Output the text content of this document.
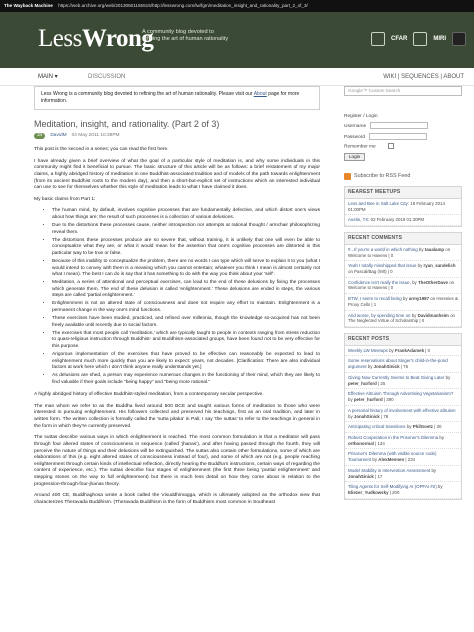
The Wayback Machine https://web.archive.org/web/20130501155515/http://lesswrong.com/lw/fgm/meditation_insight_and_rationality_part_2_of_3/
LessWrong
A community blog devoted to
refining the art of human rationality	CFAR	MIRI
MAIN ▾	DISCUSSION	WIKI | SEQUENCES | ABOUT
Less Wrong is a community blog devoted to refining the art of human rationality. Please visit our About page for more information.
Meditation, insight, and rationality. (Part 2 of 3)
34	DavidM 04 May 2011 10:38PM

This post is the second in a series; you can read the first here.

I have already given a brief overview of what the goal of a particular style of meditation is, and why some individuals in this community might find it beneficial to pursue. The basic structure of this article will be as follows: a brief restatement of my major claims, a highly abridged history of meditation in one Buddhist-associated tradition and of models of the path towards enlightenment (from its ancient Buddhist roots to the modern day), and then a short-but-explicit set of instructions which an interested individual can use to see for themselves whether this style of meditation leads to what I have claimed it does.

My basic claims from Part 1:

• The human mind, by default, involves cognitive processes that are fundamentally defective, and which distort one's views about how things are; the result of such processes is a collection of various delusions.
• Due to the distortions these processes cause, neither introspection nor attempts at rational thought / armchair philosophizing reveal them.
• The distortions these processes produce are so severe that, without training, it is unlikely that one will even be able to conceptualize what they are, or what it would mean for the assertion that one's cognitive processes are distorted in this particular way to be true or false.
• Because of this inability to conceptualize the problem, there are no words I can type which will serve to explain it to you (what I would intend to convey with them is a meaning which you cannot entertain; whatever you think I mean is almost certainly not what I mean). The best I can do is say that it has something to do with the way you think about your 'self'.
• Meditation, a series of attentional and perceptual exercises, can lead to the end of these delusions by fixing the processes which generate them. The end of these delusion is called 'enlightenment.' These delusions are ended in steps, the various steps are called 'partial enlightenment.'
• Enlightenment is not an altered state of consciousness and does not require any effort to maintain. Enlightenment is a permanent change in the way one's mind functions.
• These exercises have been studied, practiced, and refined over millennia, though the knowledge so-acquired has not been freely available until recently due to social factors.
• The exercises that most people call 'meditation,' which are typically taught to people in contexts ranging from stress reduction to quasi-religious instruction through Buddhist- and Buddhism-associated groups, have been found not to be very effective for this purpose.
• Arigorous implementation of the exercises that have proved to be effective can reasonably be expected to lead to enlightenment much more quickly than you are likely to expect: years, not decades. [Clarification: There are also individual factors at work here which I don't think anyone really understands yet.]
• As delusions are shed, a person may experience numerous changes in the functioning of their mind, which they are likely to find valuable if their goals include "being happy" and "being more rational."

A highly abridged history of effective Buddhist-styled meditation, from a contemporary secular perspective.

The man whom we refer to as the Buddha lived around 500 BCE and taught various forms of meditation to those who were interested in pursuing enlightenment. His followers collected and preserved his teachings, first as an oral tradition, and later in written form. The written collection is formally called the 'sutta pitaka' in Pali; I say 'the suttas' to refer to the teachings in general in the form in which they're currently preserved.

The suttas describe various ways in which enlightenment is reached. The most common formulation is that a meditator will pass through four altered states of consciousness in sequence (called 'jhanas'), and after having passed through the fourth, they will perceive the nature of things and their delusions will be extinguished. The suttas also contain other formulations, some of which are elaborations of this (e.g. eight altered states of consciousness instead of four), and some of which are not (e.g. people reaching enlightenment through certain kinds of intellectual reflection, directly hearing the Buddha's instructions, certain ways of regarding the content of experience, etc.). The suttas describe four stages of enlightenment (the first three being 'partial enlightenment' and stepping stones on the way to full enlightenment) but there is much less detail on how they come about in relation to the progression-through-four-jhanas theory.

Around 400 CE, Buddhaghosa wrote a book called the Visuddhimagga, which is ultimately adopted as the orthodox view that characterizes Theravada Buddhism. (Theravada Buddhism is the form of Buddhism most common in Southeast

Google™ Custom Search
Register / Login
Username
Password
Remember me
Login
Subscribe to RSS Feed
NEAREST MEETUPS
Less and Bee in Salt Lake City: 16 February 2014 01:00PM
Austin, TX: 02 February 2019 01:30PM
RECENT COMMENTS
#...If you're a world in which nothing by taualamp on Welcome to Havens | 0
Yeah I totally misshipped that issue by ryan_sandelich on Pascal/Bag (\Mt) | 0
Confidence isn't really the issue, by TheOtherDave on Welcome to Havens | 0
BTW, I seem to recall being by army1987 on Heresies & Proxy Cells | 1
And worse, by spending time on by Davidmanheim on The Neglected Virtue of Scholarship | 0
RECENT POSTS
Weekly LW Meetups by FrankAdamek | 0
Some reservations about Singer's child-in-the-pond argument by JonahSinick | 76
Giving Now Currently Seems to Beat Giving Later by peter_hurford | 25
Effective Altruism Through Advertising Vegetarianism? by peter_hurford | 390
A personal history of involvement with effective altruism by JonahSinick | 78
Anticipating critical transitions by PhilGoetz | 30
Robust Cooperation in the Prisoner's Dilemma by orthonormal | 134
Prisoner's Dilemma (with visible source code) Tournament by AlexMennen | 234
Model Stability in Intervention Assessment by JonahSinick | 17
Tiling Agents for Self-Modifying AI (OPFAI #2) by Eliezer_Yudkowsky | 200
